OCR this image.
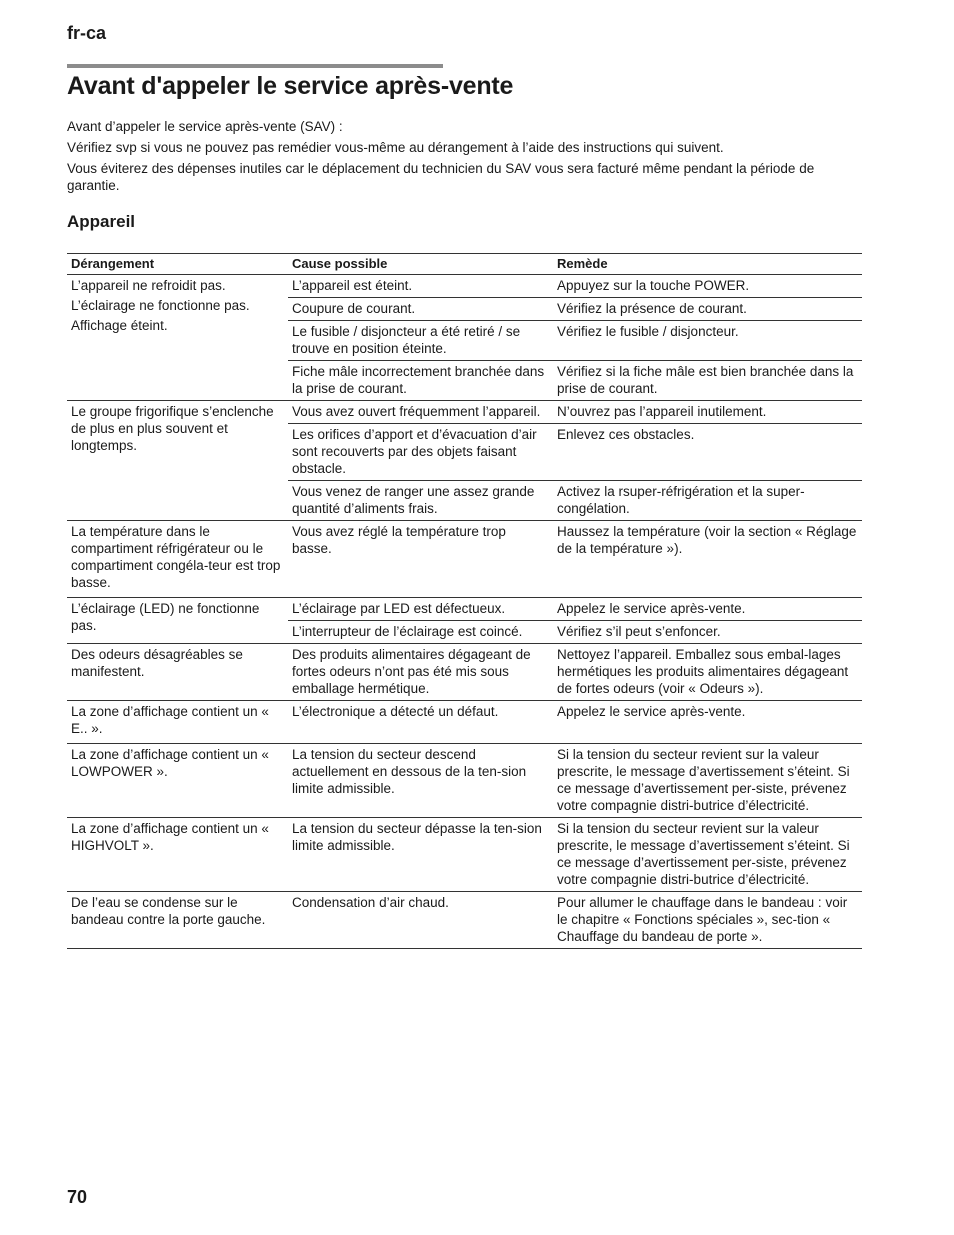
fr-ca
Avant d'appeler le service après-vente

Avant d’appeler le service après-vente (SAV) :

Vérifiez svp si vous ne pouvez pas remédier vous-même au dérangement à l’aide des instructions qui suivent.

Vous éviterez des dépenses inutiles car le déplacement du technicien du SAV vous sera facturé même pendant la période de garantie.

Appareil
Dérangement	Cause possible	Remède

L’appareil ne refroidit pas.
L’éclairage ne fonctionne pas.
Affichage éteint.	L’appareil est éteint.	Appuyez sur la touche POWER.
	Coupure de courant.	Vérifiez la présence de courant.
	Le fusible / disjoncteur a été retiré / se trouve en position éteinte.	Vérifiez le fusible / disjoncteur.
	Fiche mâle incorrectement branchée dans la prise de courant.	Vérifiez si la fiche mâle est bien branchée dans la prise de courant.

Le groupe frigorifique s’enclenche de plus en plus souvent et longtemps.	Vous avez ouvert fréquemment l’appareil.	N’ouvrez pas l’appareil inutilement.
	Les orifices d’apport et d’évacuation d’air sont recouverts par des objets faisant obstacle.	Enlevez ces obstacles.
	Vous venez de ranger une assez grande quantité d’aliments frais.	Activez la rsuper-réfrigération et la super-congélation.

La température dans le compartiment réfrigérateur ou le compartiment congéla-teur est trop basse.	Vous avez réglé la température trop basse.	Haussez la température (voir la section « Réglage de la température »).

L’éclairage (LED) ne fonctionne pas.	L’éclairage par LED est défectueux.	Appelez le service après-vente.
	L’interrupteur de l’éclairage est coincé.	Vérifiez s’il peut s’enfoncer.

Des odeurs désagréables se manifestent.	Des produits alimentaires dégageant de fortes odeurs n’ont pas été mis sous emballage hermétique.	Nettoyez l’appareil. Emballez sous embal-lages hermétiques les produits alimentaires dégageant de fortes odeurs (voir « Odeurs »).

La zone d’affichage contient un « E.. ».	L’électronique a détecté un défaut.	Appelez le service après-vente.

La zone d’affichage contient un « LOWPOWER ».	La tension du secteur descend actuellement en dessous de la ten-sion limite admissible.	Si la tension du secteur revient sur la valeur prescrite, le message d’avertissement s’éteint. Si ce message d’avertissement per-siste, prévenez votre compagnie distri-butrice d’électricité.

La zone d’affichage contient un « HIGHVOLT ».	La tension du secteur dépasse la ten-sion limite admissible.	Si la tension du secteur revient sur la valeur prescrite, le message d’avertissement s’éteint. Si ce message d’avertissement per-siste, prévenez votre compagnie distri-butrice d’électricité.

De l’eau se condense sur le bandeau contre la porte gauche.	Condensation d’air chaud.	Pour allumer le chauffage dans le bandeau : voir le chapitre « Fonctions spéciales », sec-tion « Chauffage du bandeau de porte ».
70
